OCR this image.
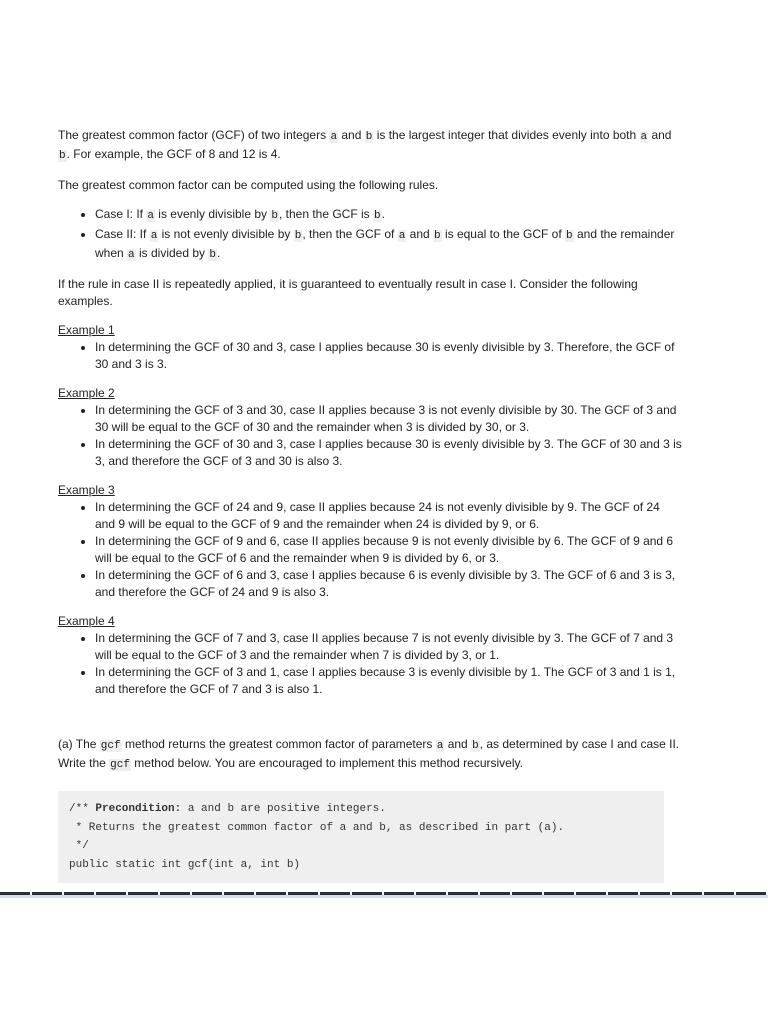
The greatest common factor (GCF) of two integers a and b is the largest integer that divides evenly into both a and b. For example, the GCF of 8 and 12 is 4.

The greatest common factor can be computed using the following rules.

• Case I: If a is evenly divisible by b, then the GCF is b.
• Case II: If a is not evenly divisible by b, then the GCF of a and b is equal to the GCF of b and the remainder when a is divided by b.

If the rule in case II is repeatedly applied, it is guaranteed to eventually result in case I. Consider the following examples.

Example 1
• In determining the GCF of 30 and 3, case I applies because 30 is evenly divisible by 3. Therefore, the GCF of 30 and 3 is 3.
Example 2
• In determining the GCF of 3 and 30, case II applies because 3 is not evenly divisible by 30. The GCF of 3 and 30 will be equal to the GCF of 30 and the remainder when 3 is divided by 30, or 3.
• In determining the GCF of 30 and 3, case I applies because 30 is evenly divisible by 3. The GCF of 30 and 3 is 3, and therefore the GCF of 3 and 30 is also 3.
Example 3
• In determining the GCF of 24 and 9, case II applies because 24 is not evenly divisible by 9. The GCF of 24 and 9 will be equal to the GCF of 9 and the remainder when 24 is divided by 9, or 6.
• In determining the GCF of 9 and 6, case II applies because 9 is not evenly divisible by 6. The GCF of 9 and 6 will be equal to the GCF of 6 and the remainder when 9 is divided by 6, or 3.
• In determining the GCF of 6 and 3, case I applies because 6 is evenly divisible by 3. The GCF of 6 and 3 is 3, and therefore the GCF of 24 and 9 is also 3.
Example 4
• In determining the GCF of 7 and 3, case II applies because 7 is not evenly divisible by 3. The GCF of 7 and 3 will be equal to the GCF of 3 and the remainder when 7 is divided by 3, or 1.
• In determining the GCF of 3 and 1, case I applies because 3 is evenly divisible by 1. The GCF of 3 and 1 is 1, and therefore the GCF of 7 and 3 is also 1.

(a) The gcf method returns the greatest common factor of parameters a and b, as determined by case I and case II. Write the gcf method below. You are encouraged to implement this method recursively.

/** Precondition: a and b are positive integers.
* Returns the greatest common factor of a and b, as described in part (a).
*/
public static int gcf(int a, int b)
